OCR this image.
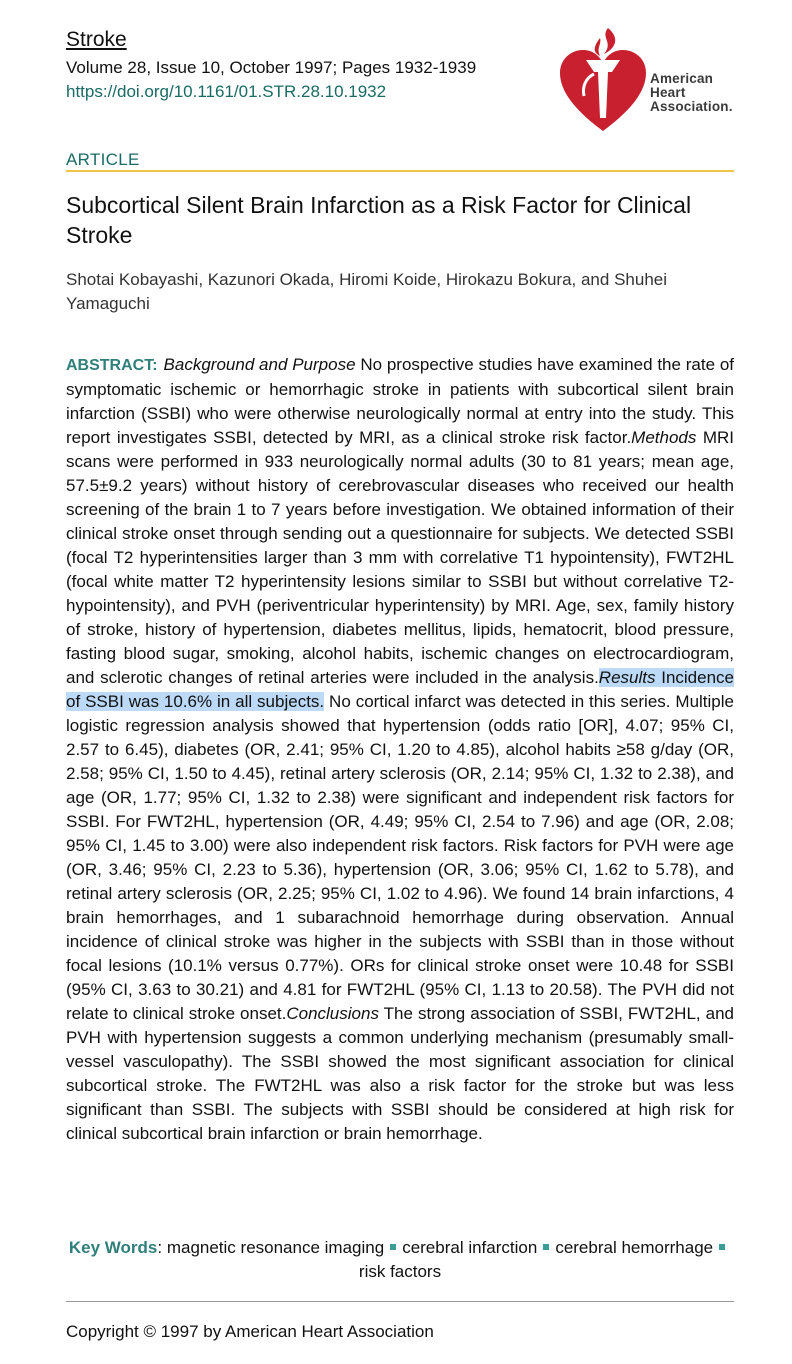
Stroke
Volume 28, Issue 10, October 1997; Pages 1932-1939
https://doi.org/10.1161/01.STR.28.10.1932
American
Heart
Association.
ARTICLE
Subcortical Silent Brain Infarction as a Risk Factor for Clinical Stroke
Shotai Kobayashi, Kazunori Okada, Hiromi Koide, Hirokazu Bokura, and Shuhei Yamaguchi
ABSTRACT: Background and Purpose No prospective studies have examined the rate of symptomatic ischemic or hemorrhagic stroke in patients with subcortical silent brain infarction (SSBI) who were otherwise neurologically normal at entry into the study. This report investigates SSBI, detected by MRI, as a clinical stroke risk factor.Methods MRI scans were performed in 933 neurologically normal adults (30 to 81 years; mean age, 57.5±9.2 years) without history of cerebrovascular diseases who received our health screening of the brain 1 to 7 years before investigation. We obtained information of their clinical stroke onset through sending out a questionnaire for subjects. We detected SSBI (focal T2 hyperintensities larger than 3 mm with correlative T1 hypointensity), FWT2HL (focal white matter T2 hyperintensity lesions similar to SSBI but without correlative T2-hypointensity), and PVH (periventricular hyperintensity) by MRI. Age, sex, family history of stroke, history of hypertension, diabetes mellitus, lipids, hematocrit, blood pressure, fasting blood sugar, smoking, alcohol habits, ischemic changes on electrocardiogram, and sclerotic changes of retinal arteries were included in the analysis.Results Incidence of SSBI was 10.6% in all subjects. No cortical infarct was detected in this series. Multiple logistic regression analysis showed that hypertension (odds ratio [OR], 4.07; 95% CI, 2.57 to 6.45), diabetes (OR, 2.41; 95% CI, 1.20 to 4.85), alcohol habits ≥58 g/day (OR, 2.58; 95% CI, 1.50 to 4.45), retinal artery sclerosis (OR, 2.14; 95% CI, 1.32 to 2.38), and age (OR, 1.77; 95% CI, 1.32 to 2.38) were significant and independent risk factors for SSBI. For FWT2HL, hypertension (OR, 4.49; 95% CI, 2.54 to 7.96) and age (OR, 2.08; 95% CI, 1.45 to 3.00) were also independent risk factors. Risk factors for PVH were age (OR, 3.46; 95% CI, 2.23 to 5.36), hypertension (OR, 3.06; 95% CI, 1.62 to 5.78), and retinal artery sclerosis (OR, 2.25; 95% CI, 1.02 to 4.96). We found 14 brain infarctions, 4 brain hemorrhages, and 1 subarachnoid hemorrhage during observation. Annual incidence of clinical stroke was higher in the subjects with SSBI than in those without focal lesions (10.1% versus 0.77%). ORs for clinical stroke onset were 10.48 for SSBI (95% CI, 3.63 to 30.21) and 4.81 for FWT2HL (95% CI, 1.13 to 20.58). The PVH did not relate to clinical stroke onset.Conclusions The strong association of SSBI, FWT2HL, and PVH with hypertension suggests a common underlying mechanism (presumably small-vessel vasculopathy). The SSBI showed the most significant association for clinical subcortical stroke. The FWT2HL was also a risk factor for the stroke but was less significant than SSBI. The subjects with SSBI should be considered at high risk for clinical subcortical brain infarction or brain hemorrhage.
Key Words: magnetic resonance imaging cerebral infarction cerebral hemorrhagerisk factors
Copyright © 1997 by American Heart Association
